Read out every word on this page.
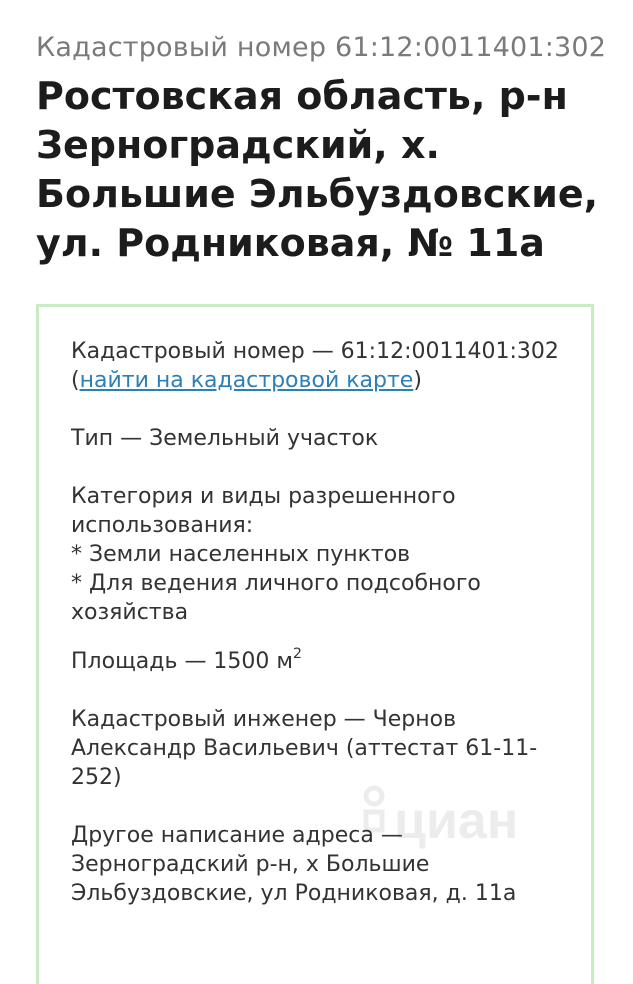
Кадастровый номер 61:12:0011401:302
Ростовская область, р-н Зерноградский, х. Большие Эльбуздовские, ул. Родниковая, № 11а

Кадастровый номер — 61:12:0011401:302
(найти на кадастровой карте)

Тип — Земельный участок

Категория и виды разрешенного использования:

* Земли населенных пунктов

* Для ведения личного подсобного хозяйства

Площадь — 1500 $м^2$

Кадастровый инженер — Чернов Александр Васильевич (аттестат 61-11-252)

Другое написание адреса — Зерноградский р-н, х Большие Эльбуздовские, ул Родниковая, д. 11а

циан
